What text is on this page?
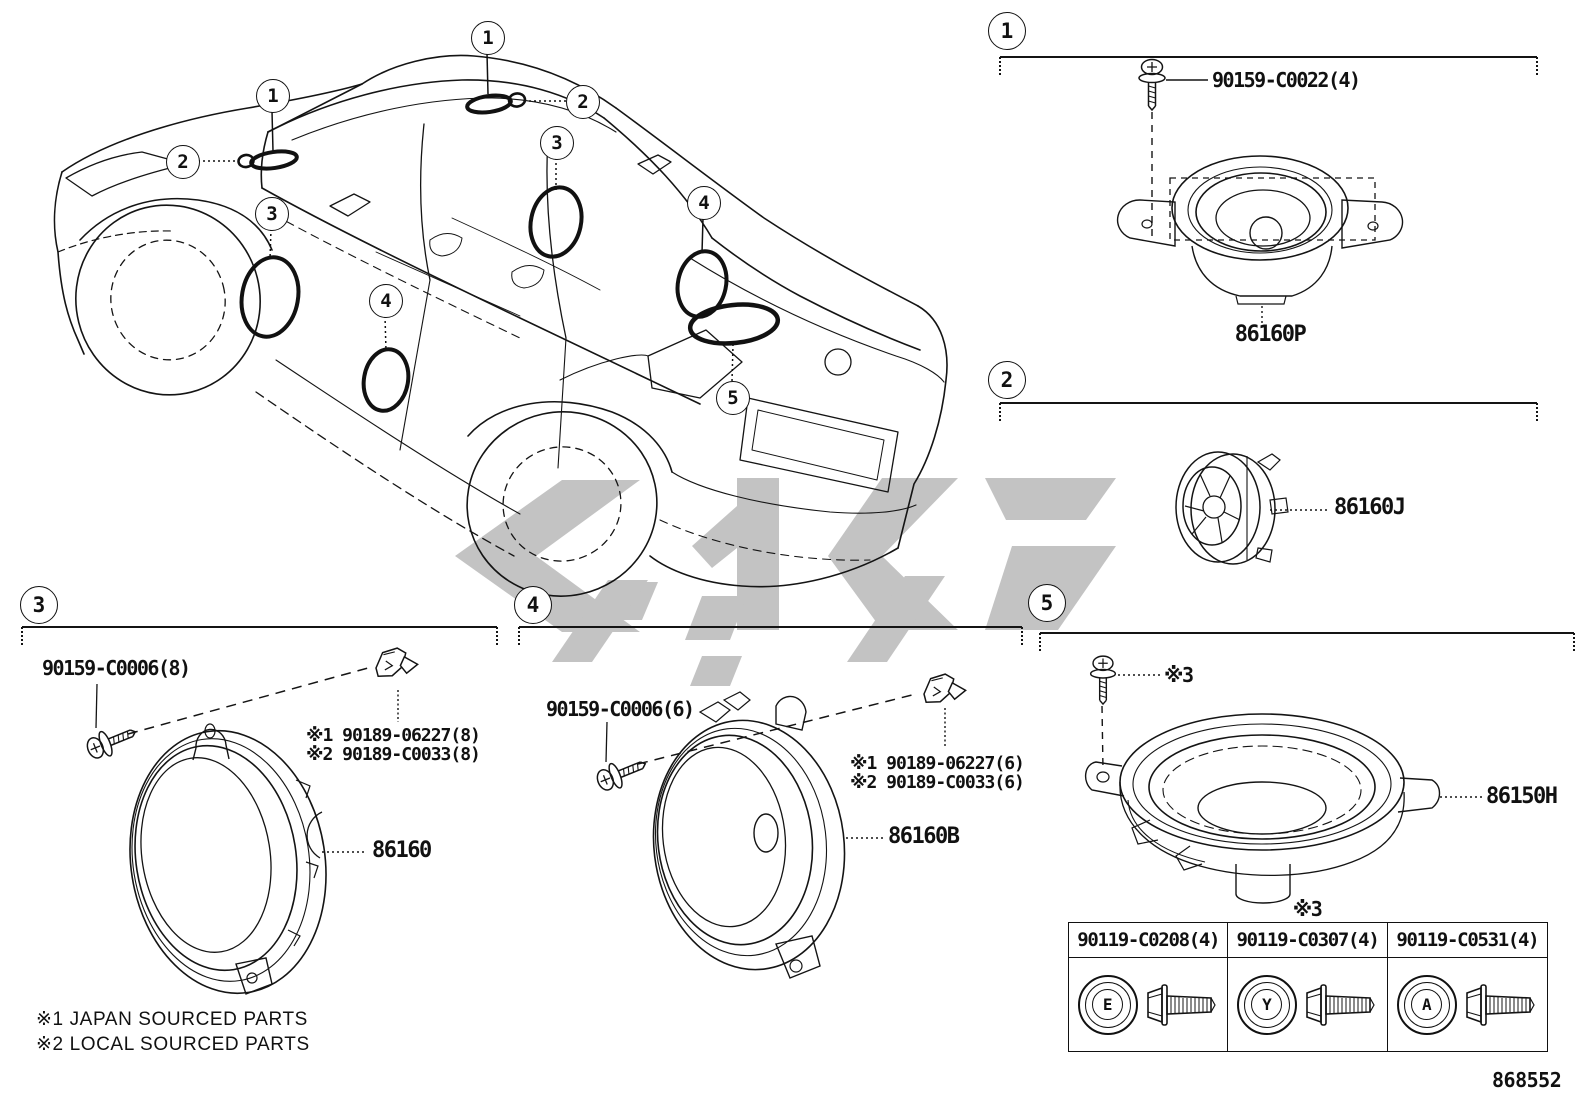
1
2
3
4
5
1
2
3
4
1
2
3	4	5
90159-C0022(4)
86160P
86160J
90159-C0006(8)
※1 90189-06227(8)
※2 90189-C0033(8)
86160
90159-C0006(6)
※1 90189-06227(6)
※2 90189-C0033(6)
86160B
※3
86150H
※3
90119-C0208(4) 90119-C0307(4) 90119-C0531(4)
E	Y	A
※1 JAPAN SOURCED PARTS
※2 LOCAL SOURCED PARTS
868552
